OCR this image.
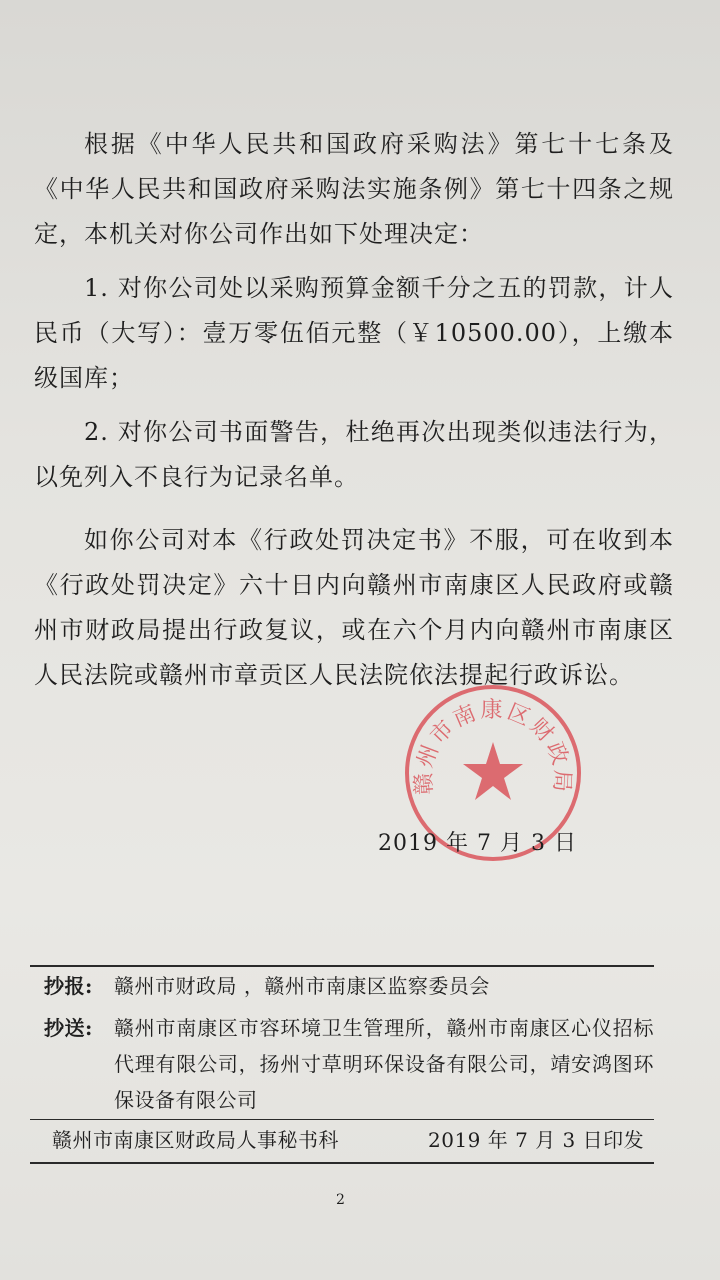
根据《中华人民共和国政府采购法》第七十七条及《中华人民共和国政府采购法实施条例》第七十四条之规定，本机关对你公司作出如下处理决定：

1. 对你公司处以采购预算金额千分之五的罚款，计人民币（大写）：壹万零伍佰元整（￥10500.00），上缴本级国库；

2. 对你公司书面警告，杜绝再次出现类似违法行为，以免列入不良行为记录名单。

如你公司对本《行政处罚决定书》不服，可在收到本《行政处罚决定》六十日内向赣州市南康区人民政府或赣州市财政局提出行政复议，或在六个月内向赣州市南康区人民法院或赣州市章贡区人民法院依法提起行政诉讼。

赣州市南康区财政局
2019 年 7 月 3 日
抄报: 赣州市财政局 ，赣州市南康区监察委员会
抄送: 赣州市南康区市容环境卫生管理所，赣州市南康区心仪招标代理有限公司，扬州寸草明环保设备有限公司，靖安鸿图环保设备有限公司
赣州市南康区财政局人事秘书科	2019 年 7 月 3 日印发
2
